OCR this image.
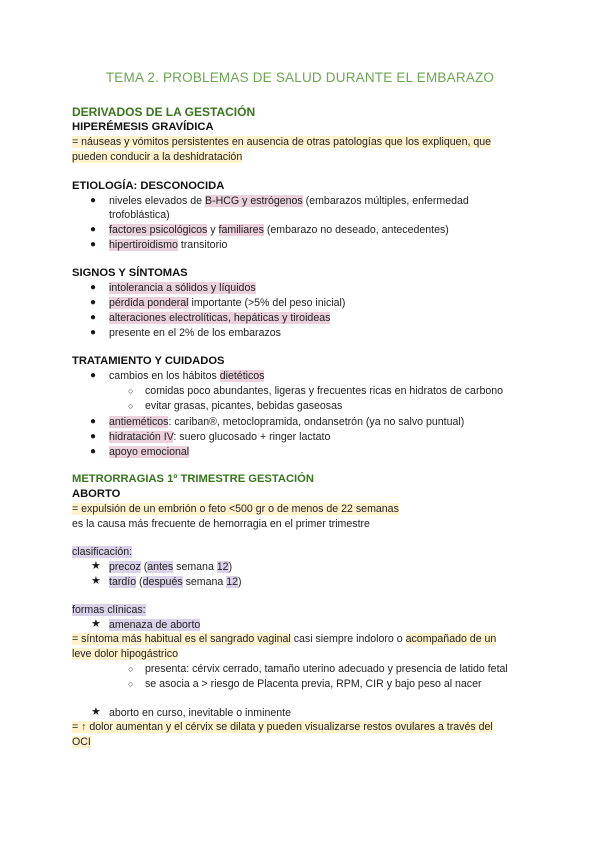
TEMA 2. PROBLEMAS DE SALUD DURANTE EL EMBARAZO
DERIVADOS DE LA GESTACIÓN
HIPERÉMESIS GRAVÍDICA
= náuseas y vómitos persistentes en ausencia de otras patologías que los expliquen, que
pueden conducir a la deshidratación
ETIOLOGÍA: DESCONOCIDA
● niveles elevados de B-HCG y estrógenos (embarazos múltiples, enfermedad
trofoblástica)
● factores psicológicos y familiares (embarazo no deseado, antecedentes)
● hipertiroidismo transitorio
SIGNOS Y SÍNTOMAS
● intolerancia a sólidos y líquidos
● pérdida ponderal importante (>5% del peso inicial)
● alteraciones electrolíticas, hepáticas y tiroideas
● presente en el 2% de los embarazos
TRATAMIENTO Y CUIDADOS
● cambios en los hábitos dietéticos
○ comidas poco abundantes, ligeras y frecuentes ricas en hidratos de carbono
○ evitar grasas, picantes, bebidas gaseosas
● antieméticos: cariban®, metoclopramida, ondansetrón (ya no salvo puntual)
● hidratación IV: suero glucosado + ringer lactato
● apoyo emocional
METRORRAGIAS 1º TRIMESTRE GESTACIÓN
ABORTO
= expulsión de un embrión o feto <500 gr o de menos de 22 semanas
es la causa más frecuente de hemorragia en el primer trimestre
clasificación:
★ precoz (antes semana 12)
★ tardío (después semana 12)
formas clínicas:
★ amenaza de aborto
= síntoma más habitual es el sangrado vaginal casi siempre indoloro o acompañado de un
leve dolor hipogástrico
○ presenta: cérvix cerrado, tamaño uterino adecuado y presencia de latido fetal
○ se asocia a > riesgo de Placenta previa, RPM, CIR y bajo peso al nacer
★ aborto en curso, inevitable o inminente
= ↑ dolor aumentan y el cérvix se dilata y pueden visualizarse restos ovulares a través del
OCI
